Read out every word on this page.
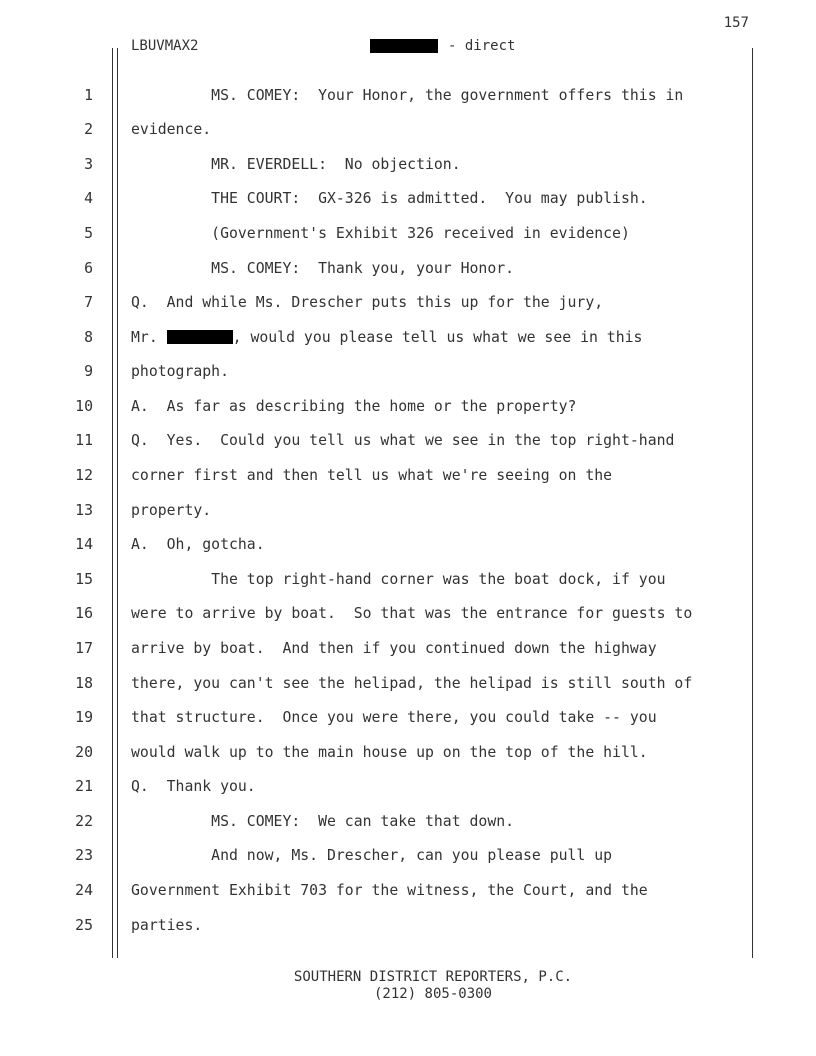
157
LBUVMAX2	- direct
1	MS. COMEY:  Your Honor, the government offers this in
2	evidence.
3	MR. EVERDELL:  No objection.
4	THE COURT:  GX-326 is admitted.  You may publish.
5	(Government's Exhibit 326 received in evidence)
6	MS. COMEY:  Thank you, your Honor.
7	Q.  And while Ms. Drescher puts this up for the jury,
8	Mr.	, would you please tell us what we see in this
9	photograph.
10	A.  As far as describing the home or the property?
11	Q.  Yes.  Could you tell us what we see in the top right-hand
12	corner first and then tell us what we're seeing on the
13	property.
14	A.  Oh, gotcha.
15	The top right-hand corner was the boat dock, if you
16	were to arrive by boat.  So that was the entrance for guests to
17	arrive by boat.  And then if you continued down the highway
18	there, you can't see the helipad, the helipad is still south of
19	that structure.  Once you were there, you could take -- you
20	would walk up to the main house up on the top of the hill.
21	Q.  Thank you.
22	MS. COMEY:  We can take that down.
23	And now, Ms. Drescher, can you please pull up
24	Government Exhibit 703 for the witness, the Court, and the
25	parties.
SOUTHERN DISTRICT REPORTERS, P.C.
(212) 805-0300
